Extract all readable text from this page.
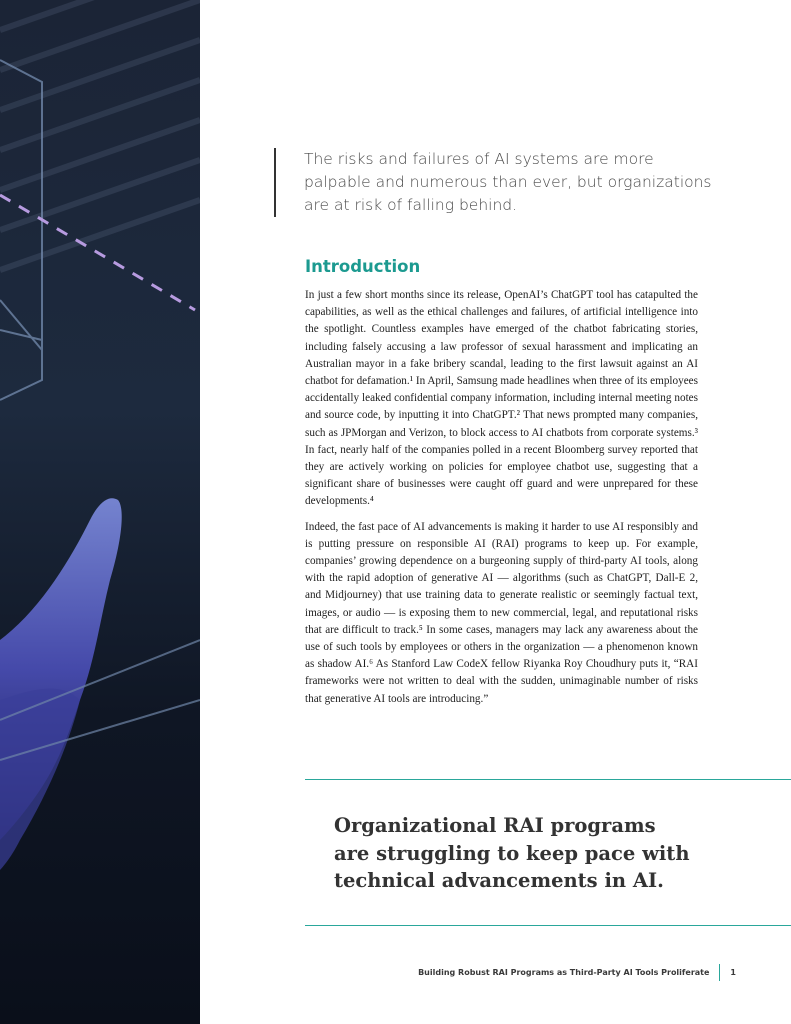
The risks and failures of AI systems are more palpable and numerous than ever, but organizations are at risk of falling behind.

Introduction

In just a few short months since its release, OpenAI’s ChatGPT tool has catapulted the capabilities, as well as the ethical challenges and failures, of artificial intelligence into the spotlight. Countless examples have emerged of the chatbot fabricating stories, including falsely accusing a law professor of sexual harassment and implicating an Australian mayor in a fake bribery scandal, leading to the first lawsuit against an AI chatbot for defamation.¹ In April, Samsung made headlines when three of its employees accidentally leaked confidential company information, including internal meeting notes and source code, by inputting it into ChatGPT.² That news prompted many companies, such as JPMorgan and Verizon, to block access to AI chatbots from corporate systems.³ In fact, nearly half of the companies polled in a recent Bloomberg survey reported that they are actively working on policies for employee chatbot use, suggesting that a significant share of businesses were caught off guard and were unprepared for these developments.⁴

Indeed, the fast pace of AI advancements is making it harder to use AI responsibly and is putting pressure on responsible AI (RAI) programs to keep up. For example, companies’ growing dependence on a burgeoning supply of third-party AI tools, along with the rapid adoption of generative AI — algorithms (such as ChatGPT, Dall-E 2, and Midjourney) that use training data to generate realistic or seemingly factual text, images, or audio — is exposing them to new commercial, legal, and reputational risks that are difficult to track.⁵ In some cases, managers may lack any awareness about the use of such tools by employees or others in the organization — a phenomenon known as shadow AI.⁶ As Stanford Law CodeX fellow Riyanka Roy Choudhury puts it, “RAI frameworks were not written to deal with the sudden, unimaginable number of risks that generative AI tools are introducing.”

Organizational RAI programs are struggling to keep pace with technical advancements in AI.

Building Robust RAI Programs as Third-Party AI Tools Proliferate	1
